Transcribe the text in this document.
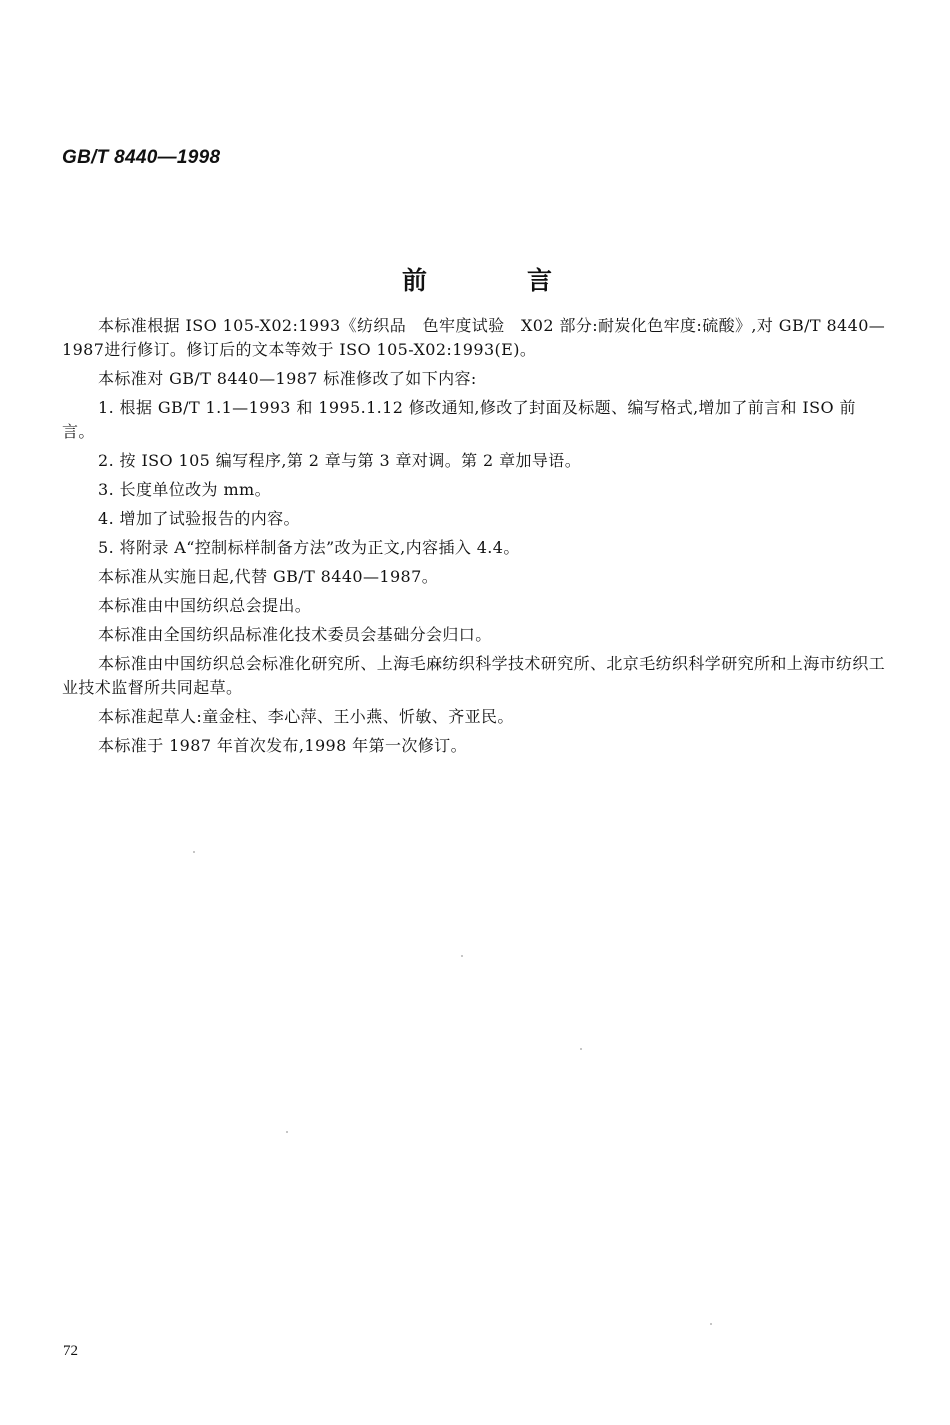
GB/T 8440—1998
前	言

本标准根据 ISO 105-X02:1993《纺织品　色牢度试验　X02 部分:耐炭化色牢度:硫酸》,对 GB/T 8440—1987进行修订。修订后的文本等效于 ISO 105-X02:1993(E)。

本标准对 GB/T 8440—1987 标准修改了如下内容:

1. 根据 GB/T 1.1—1993 和 1995.1.12 修改通知,修改了封面及标题、编写格式,增加了前言和 ISO 前言。

2. 按 ISO 105 编写程序,第 2 章与第 3 章对调。第 2 章加导语。

3. 长度单位改为 mm。

4. 增加了试验报告的内容。

5. 将附录 A“控制标样制备方法”改为正文,内容插入 4.4。

本标准从实施日起,代替 GB/T 8440—1987。

本标准由中国纺织总会提出。

本标准由全国纺织品标准化技术委员会基础分会归口。

本标准由中国纺织总会标准化研究所、上海毛麻纺织科学技术研究所、北京毛纺织科学研究所和上海市纺织工业技术监督所共同起草。

本标准起草人:童金柱、李心萍、王小燕、忻敏、齐亚民。

本标准于 1987 年首次发布,1998 年第一次修订。

72
